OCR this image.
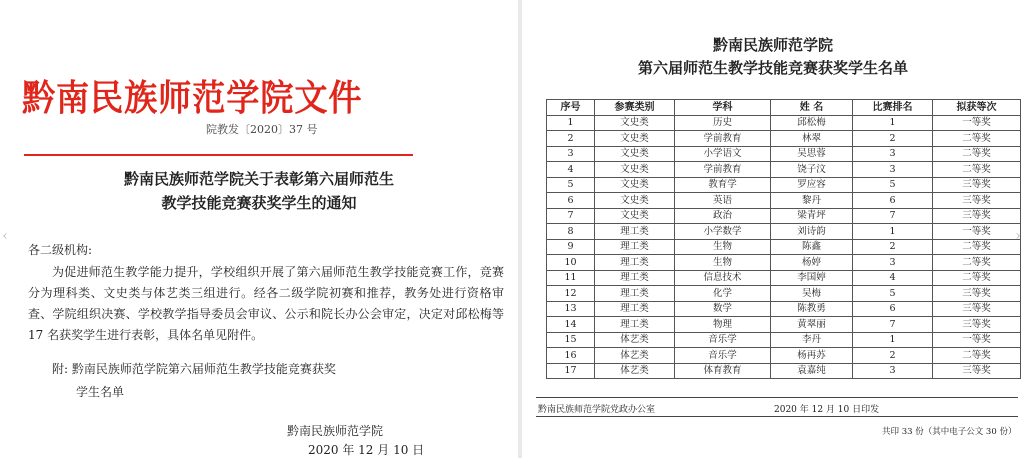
黔南民族师范学院文件
院教发〔2020〕37 号
黔南民族师范学院关于表彰第六届师范生
教学技能竞赛获奖学生的通知
各二级机构:
为促进师范生教学能力提升，学校组织开展了第六届师范生教学技能竞赛工作，竞赛分为理科类、文史类与体艺类三组进行。经各二级学院初赛和推荐，教务处进行资格审查、学院组织决赛、学校教学指导委员会审议、公示和院长办公会审定，决定对邱松梅等 17 名获奖学生进行表彰，具体名单见附件。
附: 黔南民族师范学院第六届师范生教学技能竞赛获奖
学生名单
黔南民族师范学院
2020 年 12 月 10 日
黔南民族师范学院
第六届师范生教学技能竞赛获奖学生名单
序号	参赛类别	学科	姓 名	比赛排名	拟获等次
1	文史类	历史	邱松梅	1	一等奖
2	文史类	学前教育	林翠	2	二等奖
3	文史类	小学语文	吴思蓉	3	二等奖
4	文史类	学前教育	饶子汶	3	二等奖
5	文史类	教育学	罗应容	5	三等奖
6	文史类	英语	黎丹	6	三等奖
7	文史类	政治	梁青坪	7	三等奖
8	理工类	小学数学	刘诗韵	1	一等奖
9	理工类	生物	陈鑫	2	二等奖
10	理工类	生物	杨婷	3	二等奖
11	理工类	信息技术	李国婷	4	二等奖
12	理工类	化学	吴梅	5	三等奖
13	理工类	数学	陈教勇	6	三等奖
14	理工类	物理	黄翠丽	7	三等奖
15	体艺类	音乐学	李丹	1	一等奖
16	体艺类	音乐学	杨再苏	2	二等奖
17	体艺类	体育教育	袁嘉纯	3	三等奖
黔南民族师范学院党政办公室	2020 年 12 月 10 日印发
共印 33 份（其中电子公文 30 份）
‹	›
